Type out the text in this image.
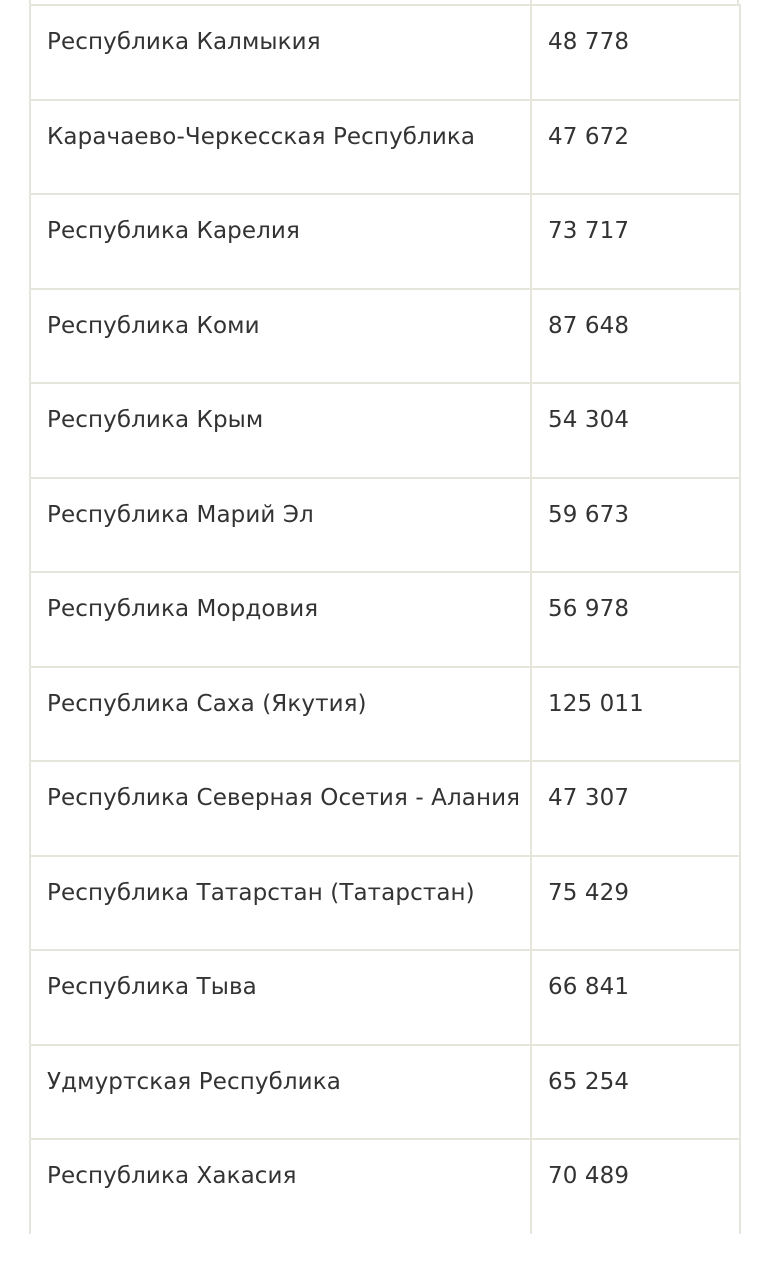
Республика Калмыкия	48 778
Карачаево-Черкесская Республика	47 672
Республика Карелия	73 717
Республика Коми	87 648
Республика Крым	54 304
Республика Марий Эл	59 673
Республика Мордовия	56 978
Республика Саха (Якутия)	125 011
Республика Северная Осетия - Алания	47 307
Республика Татарстан (Татарстан)	75 429
Республика Тыва	66 841
Удмуртская Республика	65 254
Республика Хакасия	70 489
